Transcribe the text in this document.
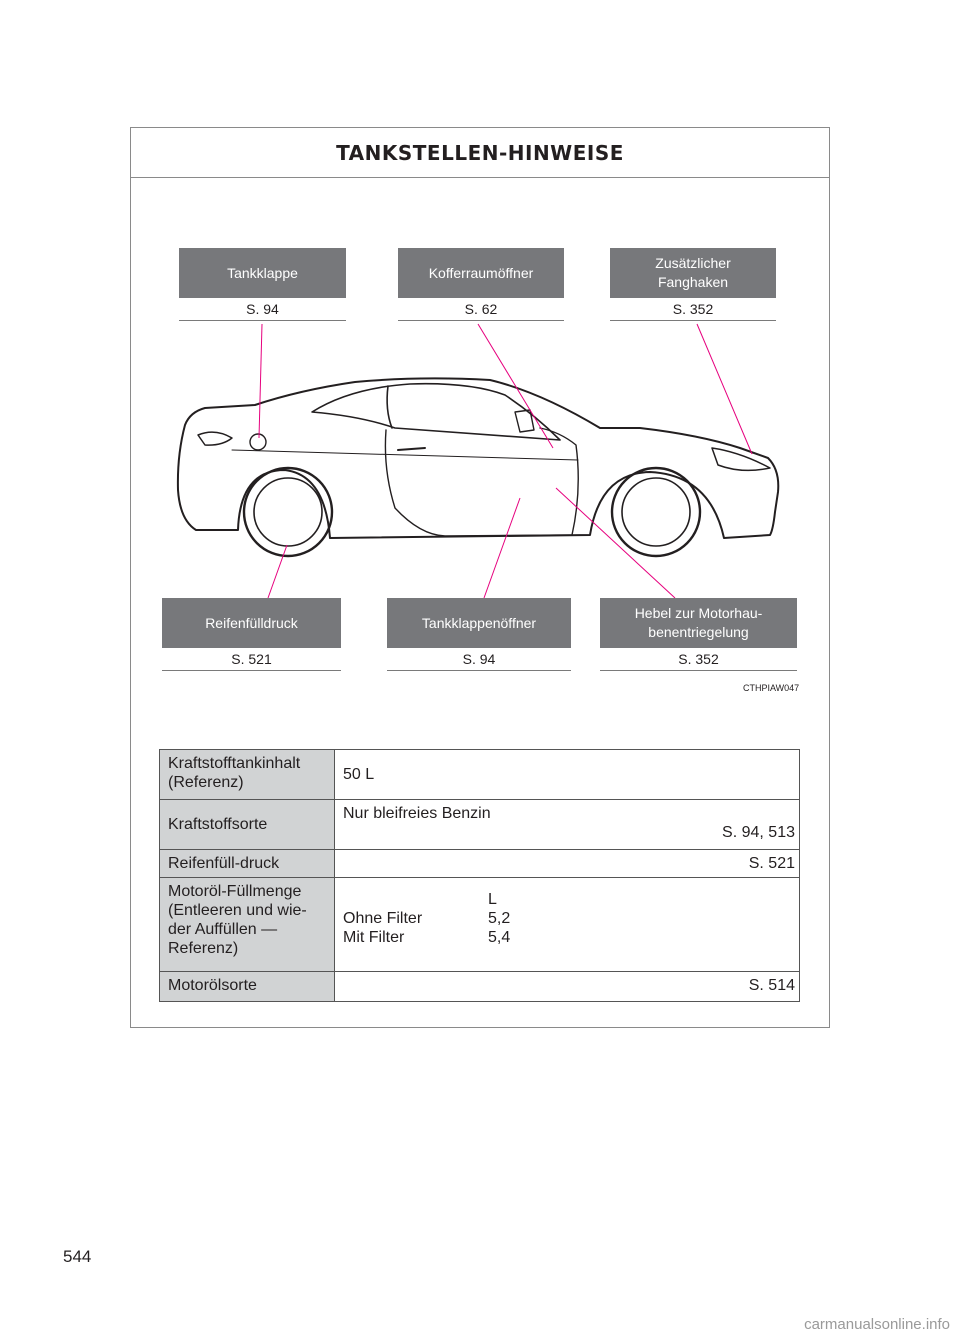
TANKSTELLEN-HINWEISE
Tankklappe
S. 94
Kofferraumöffner
S. 62
Zusätzlicher
Fanghaken
S. 352
Reifenfülldruck
S. 521
Tankklappenöffner
S. 94
Hebel zur Motorhau-
benentriegelung
S. 352
CTHPIAW047
Kraftstofftankinhalt
(Referenz)	50 L
Kraftstoffsorte	Nur bleifreies Benzin
S. 94, 513

Reifenfüll-druck	S. 521
Motoröl-Füllmenge
(Entleeren und wie-
der Auffüllen —
Referenz)	L
Ohne Filter 5,2
Mit Filter 5,4

Motorölsorte	S. 514
544
carmanualsonline.info
